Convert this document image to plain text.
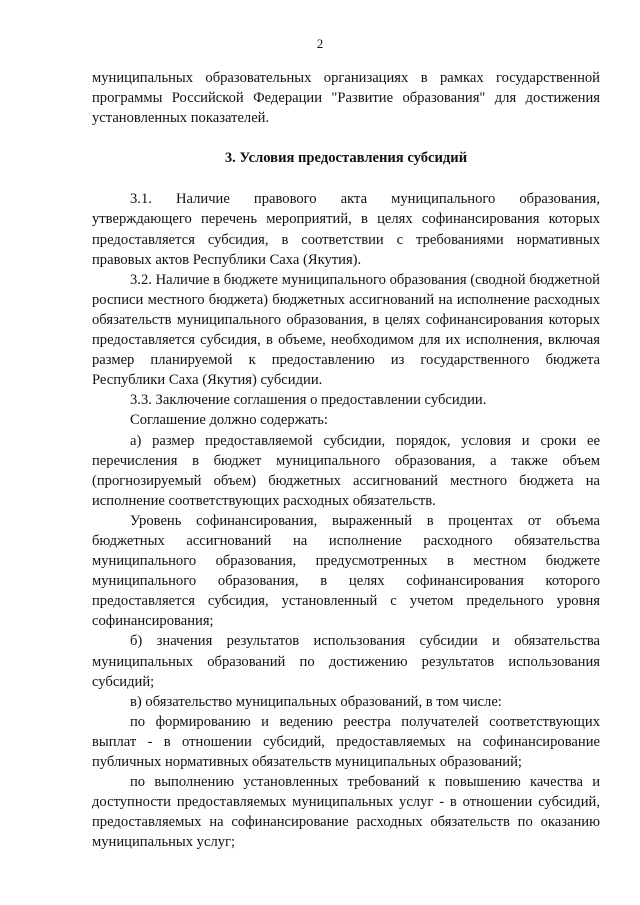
2

муниципальных образовательных организациях в рамках государственной программы Российской Федерации "Развитие образования" для достижения установленных показателей.

3. Условия предоставления субсидий

3.1. Наличие правового акта муниципального образования, утверждающего перечень мероприятий, в целях софинансирования которых предоставляется субсидия, в соответствии с требованиями нормативных правовых актов Республики Саха (Якутия).

3.2. Наличие в бюджете муниципального образования (сводной бюджетной росписи местного бюджета) бюджетных ассигнований на исполнение расходных обязательств муниципального образования, в целях софинансирования которых предоставляется субсидия, в объеме, необходимом для их исполнения, включая размер планируемой к предоставлению из государственного бюджета Республики Саха (Якутия) субсидии.

3.3. Заключение соглашения о предоставлении субсидии.

Соглашение должно содержать:

а) размер предоставляемой субсидии, порядок, условия и сроки ее перечисления в бюджет муниципального образования, а также объем (прогнозируемый объем) бюджетных ассигнований местного бюджета на исполнение соответствующих расходных обязательств.

Уровень софинансирования, выраженный в процентах от объема бюджетных ассигнований на исполнение расходного обязательства муниципального образования, предусмотренных в местном бюджете муниципального образования, в целях софинансирования которого предоставляется субсидия, установленный с учетом предельного уровня софинансирования;

б) значения результатов использования субсидии и обязательства муниципальных образований по достижению результатов использования субсидий;

в) обязательство муниципальных образований, в том числе:

по формированию и ведению реестра получателей соответствующих выплат - в отношении субсидий, предоставляемых на софинансирование публичных нормативных обязательств муниципальных образований;

по выполнению установленных требований к повышению качества и доступности предоставляемых муниципальных услуг - в отношении субсидий, предоставляемых на софинансирование расходных обязательств по оказанию муниципальных услуг;
